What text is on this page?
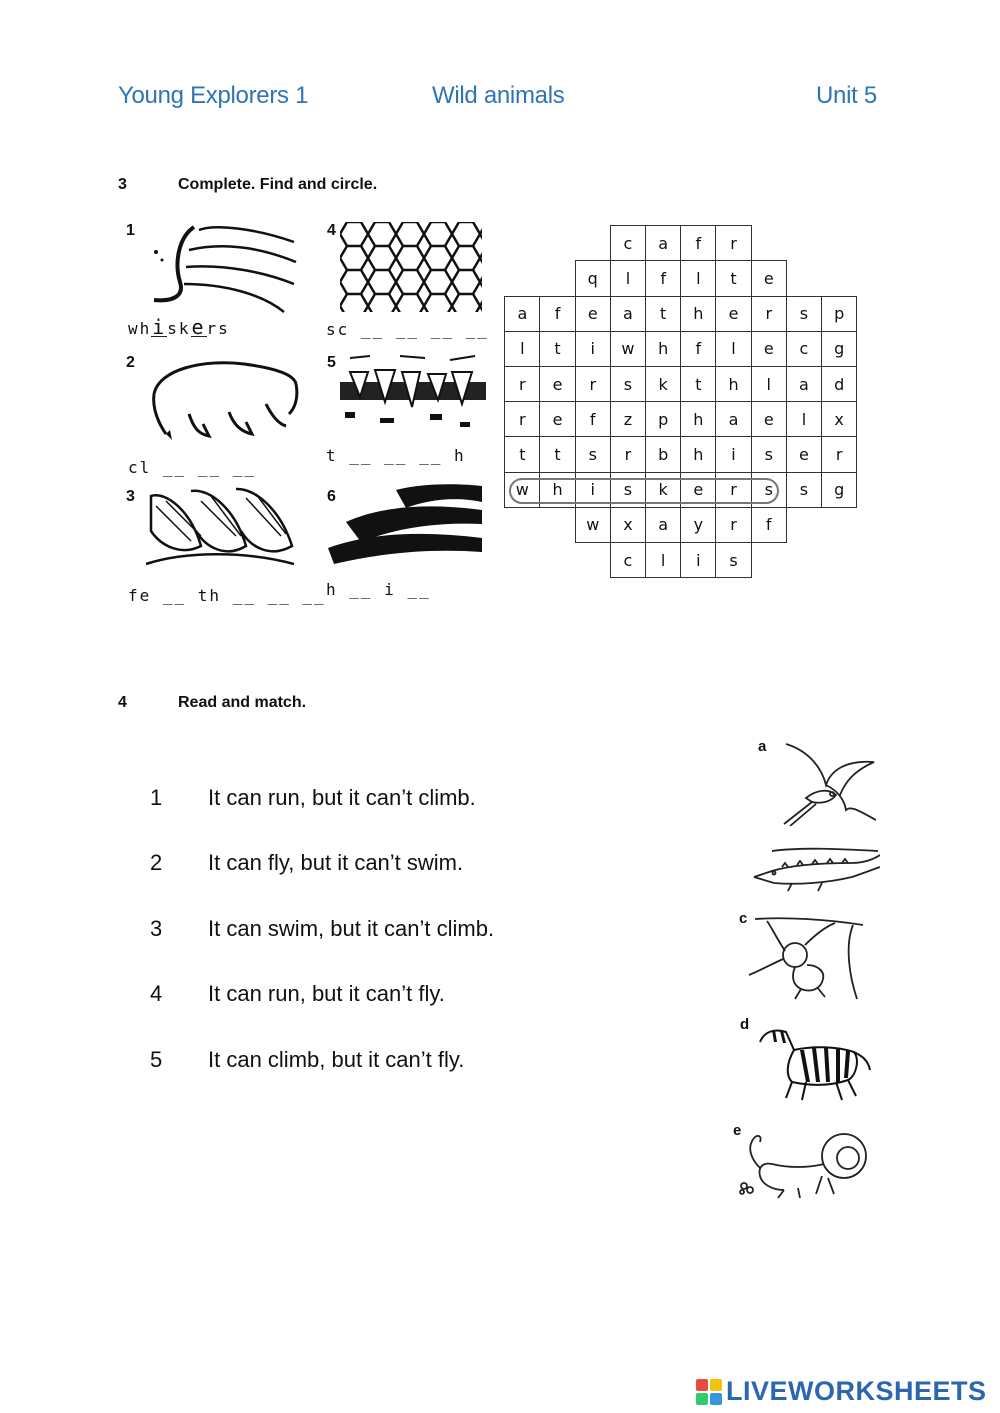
Young Explorers 1	Wild animals	Unit 5
3	Complete. Find and circle.
1
whiskers
2
cl __ __ __
3
fe __ th __ __ __
4
sc __ __ __ __
5
t __ __ __ h
6
h __ i __
c	a	f	r
q	l	f	l	t	e
a	f	e	a	t	h	e	r	s	p
l	t	i	w	h	f	l	e	c	g
r	e	r	s	k	t	h	l	a	d
r	e	f	z	p	h	a	e	l	x
t	t	s	r	b	h	i	s	e	r
w	h	i	s	k	e	r	s	s	g
w	x	a	y	r	f
c	l	i	s
4	Read and match.
1 It can run, but it can’t climb.
2 It can fly, but it can’t swim.
3 It can swim, but it can’t climb.
4 It can run, but it can’t fly.
5 It can climb, but it can’t fly.
a
c
d
e
LIVEWORKSHEETS
